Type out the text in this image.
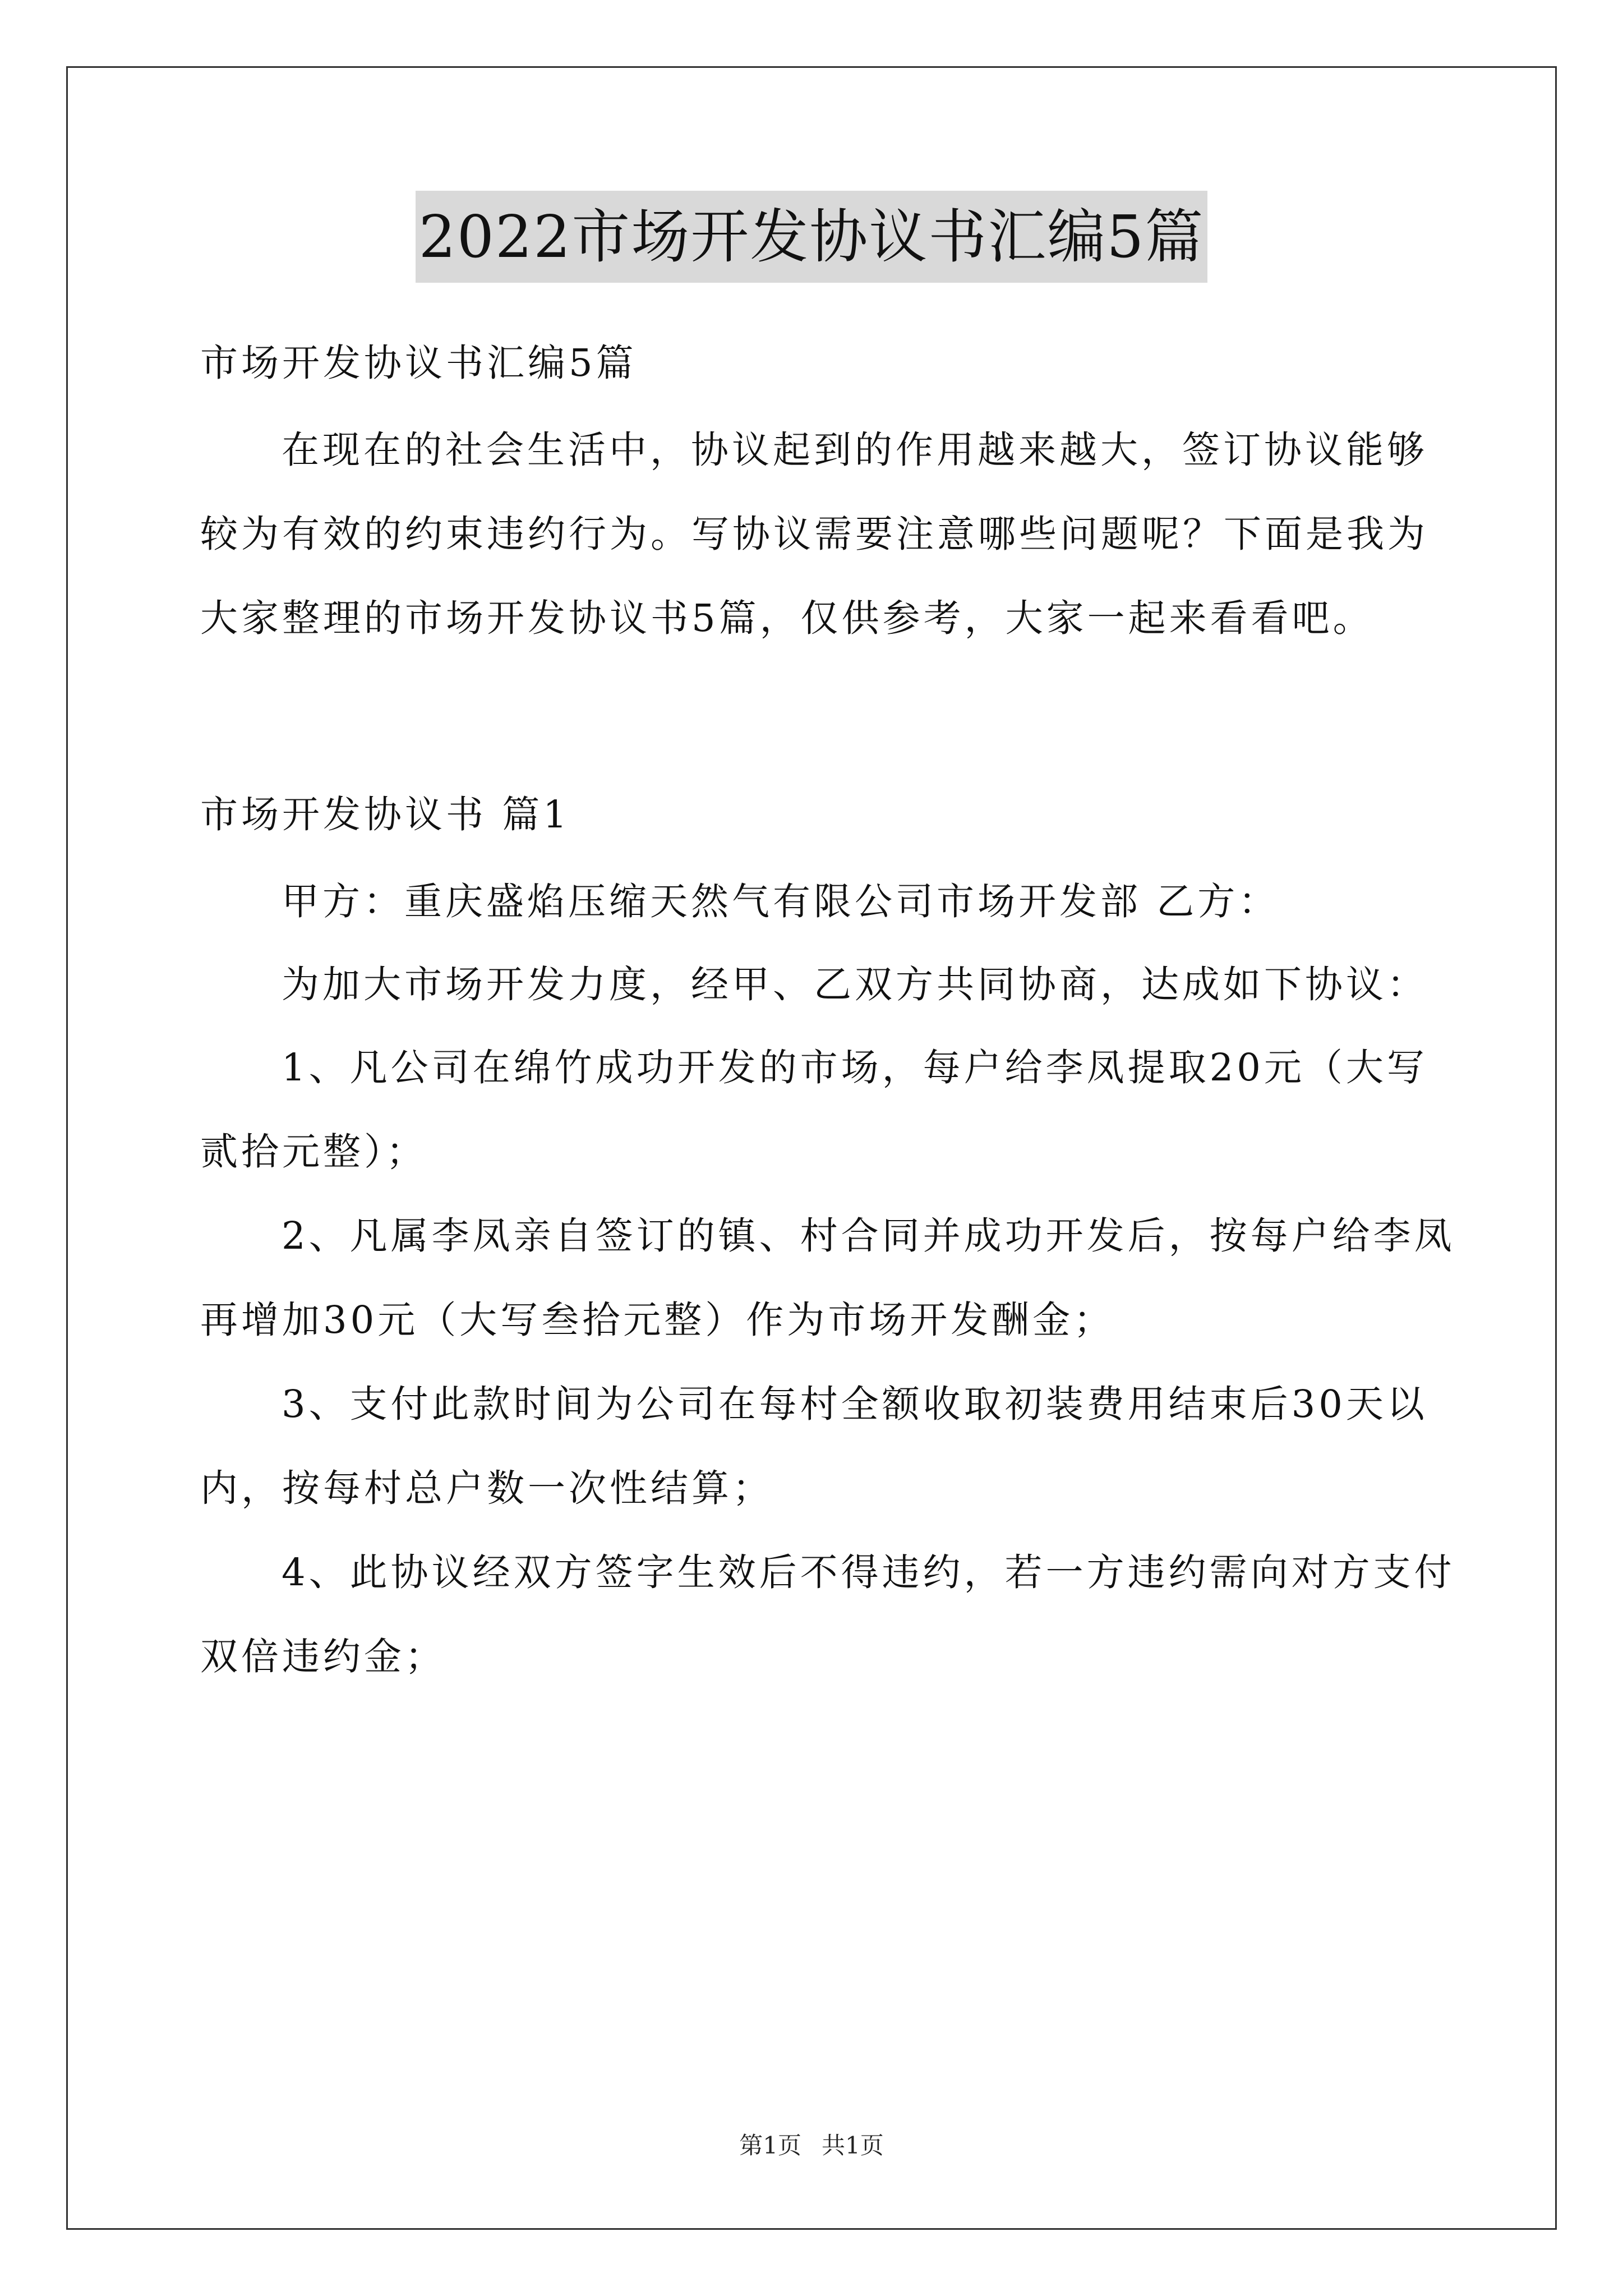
2022市场开发协议书汇编5篇
市场开发协议书汇编5篇
在现在的社会生活中，协议起到的作用越来越大，签订协议能够
较为有效的约束违约行为。写协议需要注意哪些问题呢？下面是我为
大家整理的市场开发协议书5篇，仅供参考，大家一起来看看吧。
市场开发协议书 篇1
甲方：重庆盛焰压缩天然气有限公司市场开发部 乙方：
为加大市场开发力度，经甲、乙双方共同协商，达成如下协议：
1、凡公司在绵竹成功开发的市场，每户给李凤提取20元（大写
贰拾元整）；
2、凡属李凤亲自签订的镇、村合同并成功开发后，按每户给李凤
再增加30元（大写叁拾元整）作为市场开发酬金；
3、支付此款时间为公司在每村全额收取初装费用结束后30天以
内，按每村总户数一次性结算；
4、此协议经双方签字生效后不得违约，若一方违约需向对方支付
双倍违约金；
第1页 共1页
